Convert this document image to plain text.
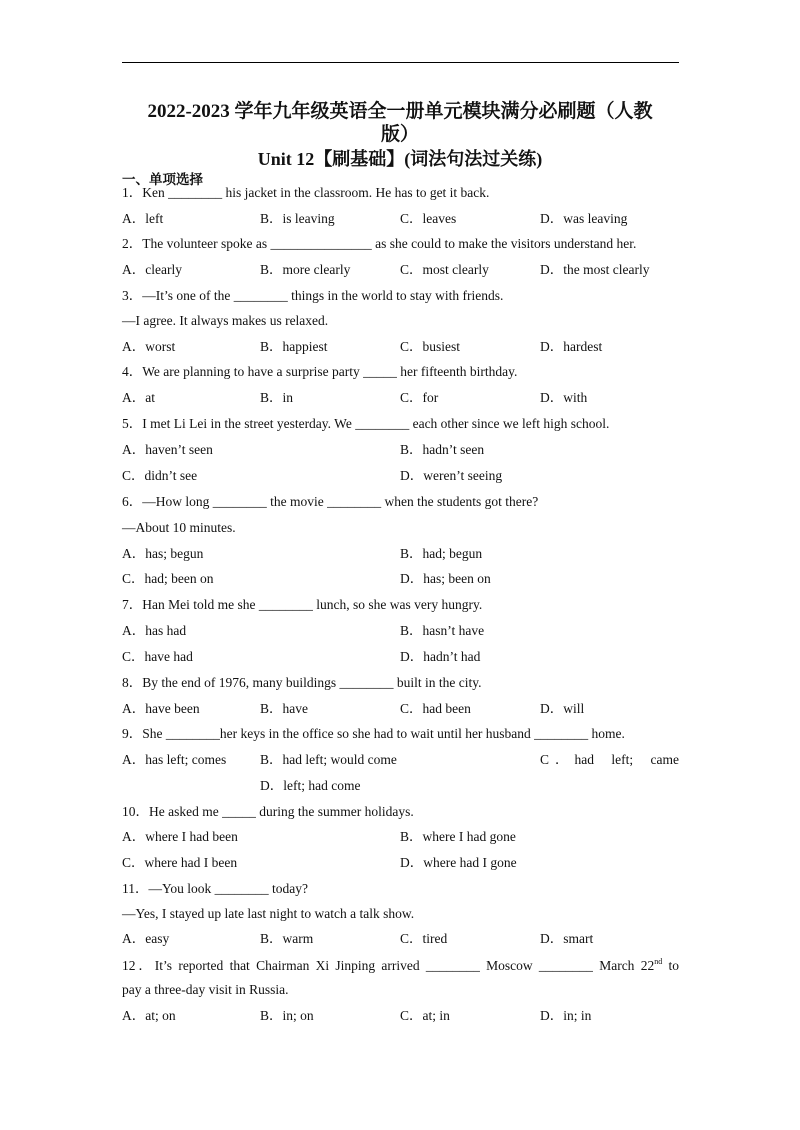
2022-2023 学年九年级英语全一册单元模块满分必刷题（人教
版）
Unit 12【刷基础】(词法句法过关练)
一、单项选择
1．Ken ________ his jacket in the classroom. He has to get it back.
A．left	B．is leaving	C．leaves	D．was leaving
2．The volunteer spoke as _______________ as she could to make the visitors understand her.
A．clearly	B．more clearly	C．most clearly	D．the most clearly
3．—It’s one of the ________ things in the world to stay with friends.
—I agree. It always makes us relaxed.
A．worst	B．happiest	C．busiest	D．hardest
4．We are planning to have a surprise party _____ her fifteenth birthday.
A．at	B．in	C．for	D．with
5．I met Li Lei in the street yesterday. We ________ each other since we left high school.
A．haven’t seen	B．hadn’t seen
C．didn’t see	D．weren’t seeing
6．—How long ________ the movie ________ when the students got there?
—About 10 minutes.
A．has; begun	B．had; begun
C．had; been on	D．has; been on
7．Han Mei told me she ________ lunch, so she was very hungry.
A．has had	B．hasn’t have
C．have had	D．hadn’t had
8．By the end of 1976, many buildings ________ built in the city.
A．have been	B．have	C．had been	D．will
9．She ________her keys in the office so she had to wait until her husband ________ home.
A．has left; comes	B．had left; would come	C．had left; came
D．left; had come
10．He asked me _____ during the summer holidays.
A．where I had been	B．where I had gone
C．where had I been	D．where had I gone
11．—You look ________ today?
—Yes, I stayed up late last night to watch a talk show.
A．easy	B．warm	C．tired	D．smart
12．It’s reported that Chairman Xi Jinping arrived ________ Moscow ________ March 22nd to
pay a three-day visit in Russia.
A．at; on	B．in; on	C．at; in	D．in; in
